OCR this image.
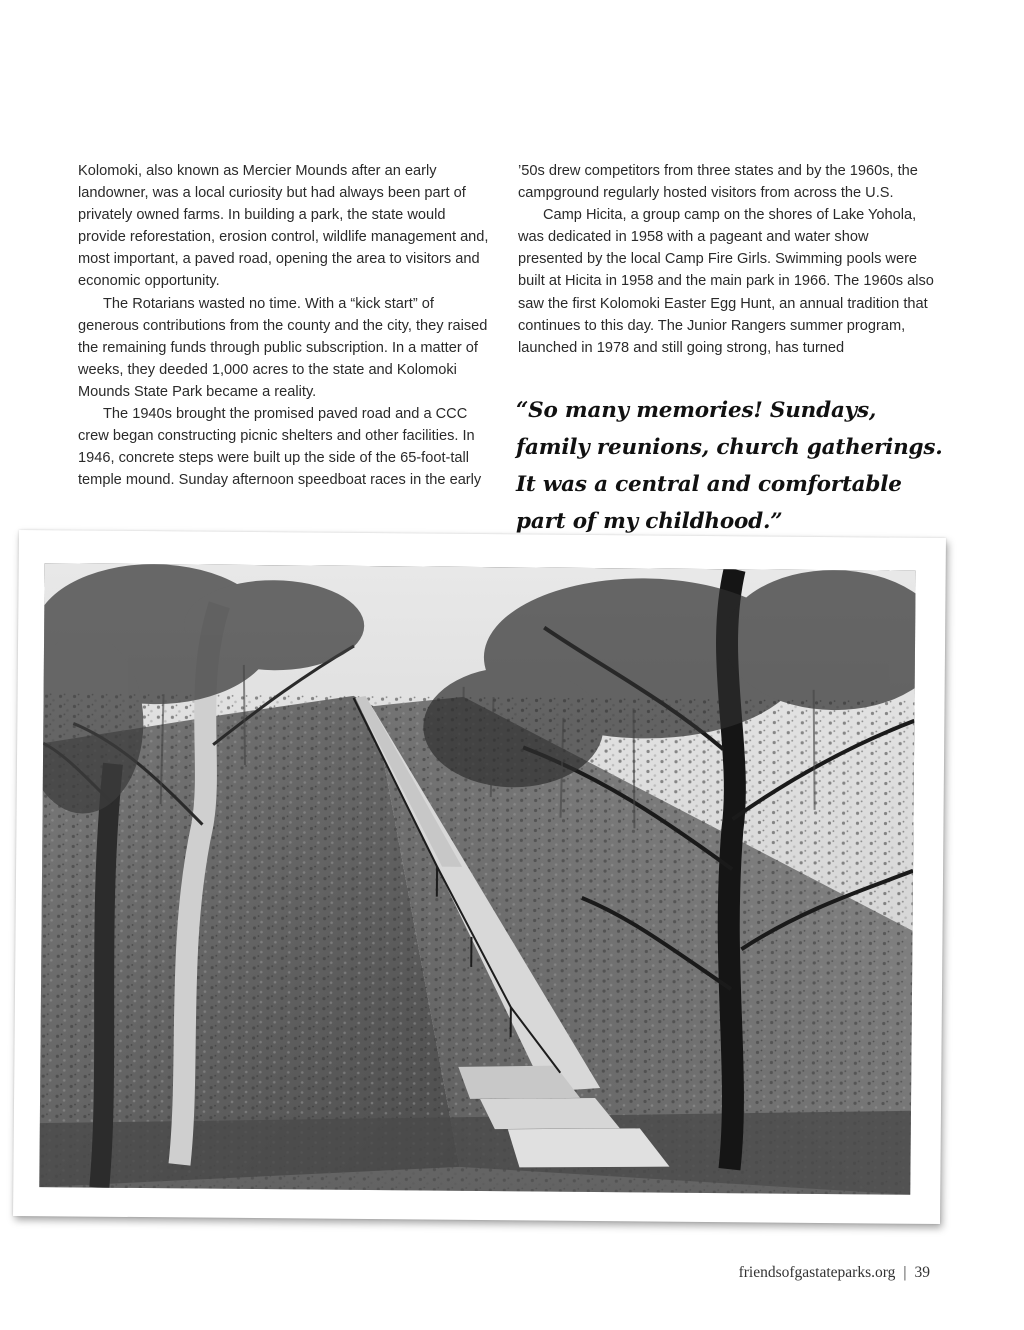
Kolomoki, also known as Mercier Mounds after an early landowner, was a local curiosity but had always been part of privately owned farms. In building a park, the state would provide reforestation, erosion control, wildlife management and, most important, a paved road, opening the area to visitors and economic opportunity.

The Rotarians wasted no time. With a “kick start” of generous contributions from the county and the city, they raised the remaining funds through public subscription. In a matter of weeks, they deeded 1,000 acres to the state and Kolomoki Mounds State Park became a reality.

The 1940s brought the promised paved road and a CCC crew began constructing picnic shelters and other facilities. In 1946, concrete steps were built up the side of the 65-foot-tall temple mound. Sunday afternoon speedboat races in the early

’50s drew competitors from three states and by the 1960s, the campground regularly hosted visitors from across the U.S.

Camp Hicita, a group camp on the shores of Lake Yohola, was dedicated in 1958 with a pageant and water show presented by the local Camp Fire Girls. Swimming pools were built at Hicita in 1958 and the main park in 1966. The 1960s also saw the first Kolomoki Easter Egg Hunt, an annual tradition that continues to this day. The Junior Rangers summer program, launched in 1978 and still going strong, has turned

“So many memories! Sundays, family reunions, church gatherings. It was a central and comfortable part of my childhood.”
friendsofgastateparks.org | 39
